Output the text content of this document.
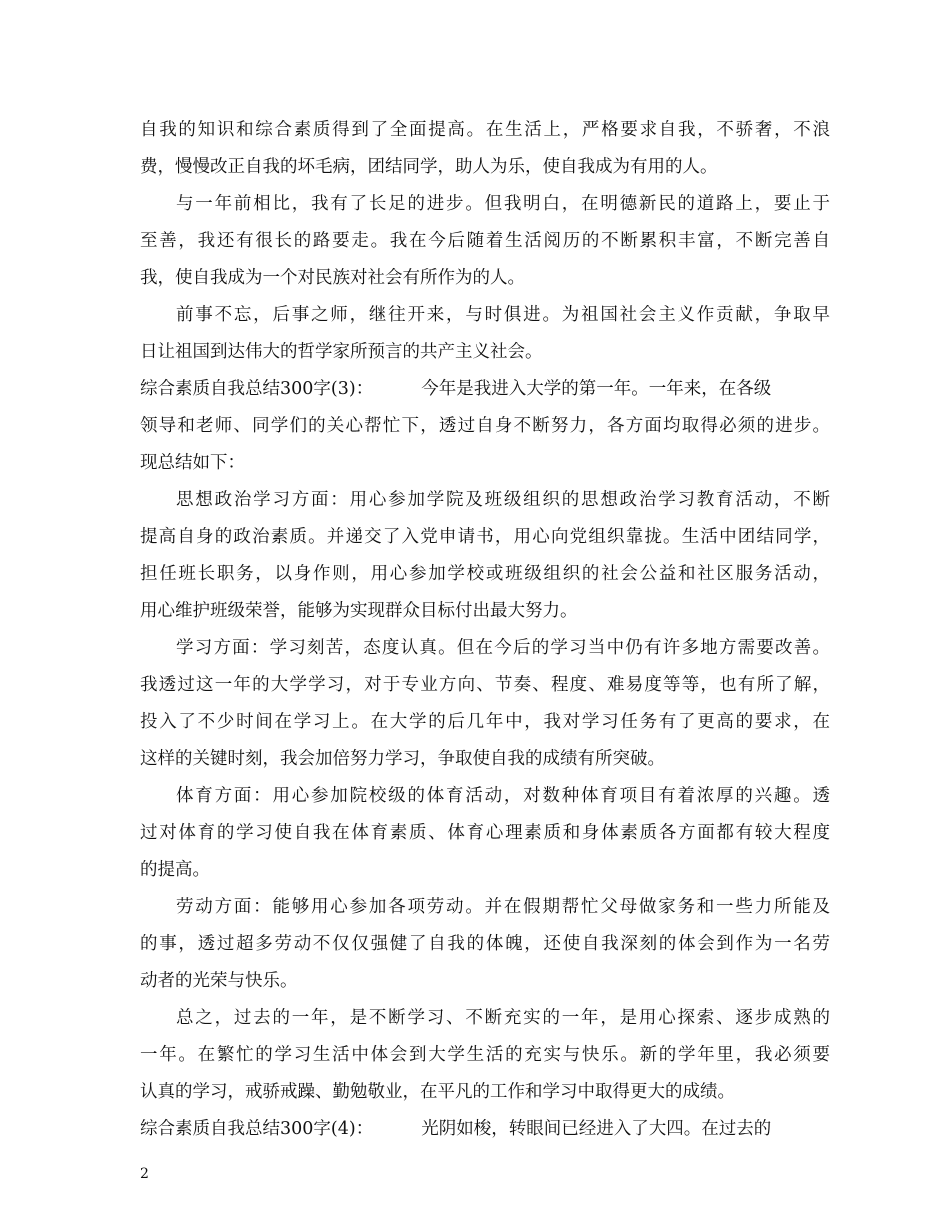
自我的知识和综合素质得到了全面提高。在生活上，严格要求自我，不骄奢，不浪
费，慢慢改正自我的坏毛病，团结同学，助人为乐，使自我成为有用的人。
与一年前相比，我有了长足的进步。但我明白，在明德新民的道路上，要止于
至善，我还有很长的路要走。我在今后随着生活阅历的不断累积丰富，不断完善自
我，使自我成为一个对民族对社会有所作为的人。
前事不忘，后事之师，继往开来，与时俱进。为祖国社会主义作贡献，争取早
日让祖国到达伟大的哲学家所预言的共产主义社会。
综合素质自我总结300字(3)：	今年是我进入大学的第一年。一年来，在各级
领导和老师、同学们的关心帮忙下，透过自身不断努力，各方面均取得必须的进步。
现总结如下：
思想政治学习方面：用心参加学院及班级组织的思想政治学习教育活动，不断
提高自身的政治素质。并递交了入党申请书，用心向党组织靠拢。生活中团结同学，
担任班长职务，以身作则，用心参加学校或班级组织的社会公益和社区服务活动，
用心维护班级荣誉，能够为实现群众目标付出最大努力。
学习方面：学习刻苦，态度认真。但在今后的学习当中仍有许多地方需要改善。
我透过这一年的大学学习，对于专业方向、节奏、程度、难易度等等，也有所了解，
投入了不少时间在学习上。在大学的后几年中，我对学习任务有了更高的要求，在
这样的关键时刻，我会加倍努力学习，争取使自我的成绩有所突破。
体育方面：用心参加院校级的体育活动，对数种体育项目有着浓厚的兴趣。透
过对体育的学习使自我在体育素质、体育心理素质和身体素质各方面都有较大程度
的提高。
劳动方面：能够用心参加各项劳动。并在假期帮忙父母做家务和一些力所能及
的事，透过超多劳动不仅仅强健了自我的体魄，还使自我深刻的体会到作为一名劳
动者的光荣与快乐。
总之，过去的一年，是不断学习、不断充实的一年，是用心探索、逐步成熟的
一年。在繁忙的学习生活中体会到大学生活的充实与快乐。新的学年里，我必须要
认真的学习，戒骄戒躁、勤勉敬业，在平凡的工作和学习中取得更大的成绩。
综合素质自我总结300字(4)：	光阴如梭，转眼间已经进入了大四。在过去的
2
